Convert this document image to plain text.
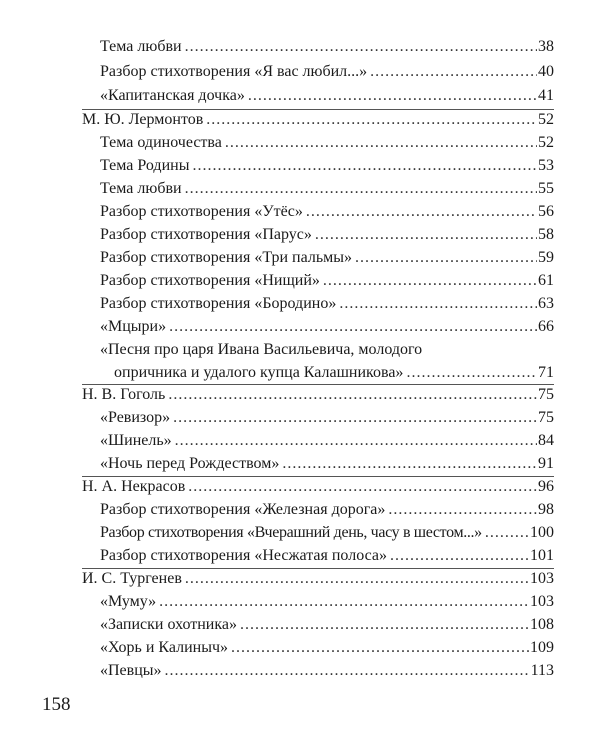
Тема любви .....	38
Разбор стихотворения «Я вас любил...» .....	40
«Капитанская дочка» .....	41
М. Ю. Лермонтов .....	52
Тема одиночества .....	52
Тема Родины .....	53
Тема любви .....	55
Разбор стихотворения «Утёс» .....	56
Разбор стихотворения «Парус» .....	58
Разбор стихотворения «Три пальмы» .....	59
Разбор стихотворения «Нищий» .....	61
Разбор стихотворения «Бородино» .....	63
«Мцыри» .....	66
«Песня про царя Ивана Васильевича, молодого
опричника и удалого купца Калашникова» .....	71
Н. В. Гоголь .....	75
«Ревизор» .....	75
«Шинель» .....	84
«Ночь перед Рождеством» .....	91
Н. А. Некрасов .....	96
Разбор стихотворения «Железная дорога» .....	98
Разбор стихотворения «Вчерашний день, часу в шестом...» .....	100
Разбор стихотворения «Несжатая полоса» .....	101
И. С. Тургенев .....	103
«Муму» .....	103
«Записки охотника» .....	108
«Хорь и Калиныч» .....	109
«Певцы» .....	113
158
